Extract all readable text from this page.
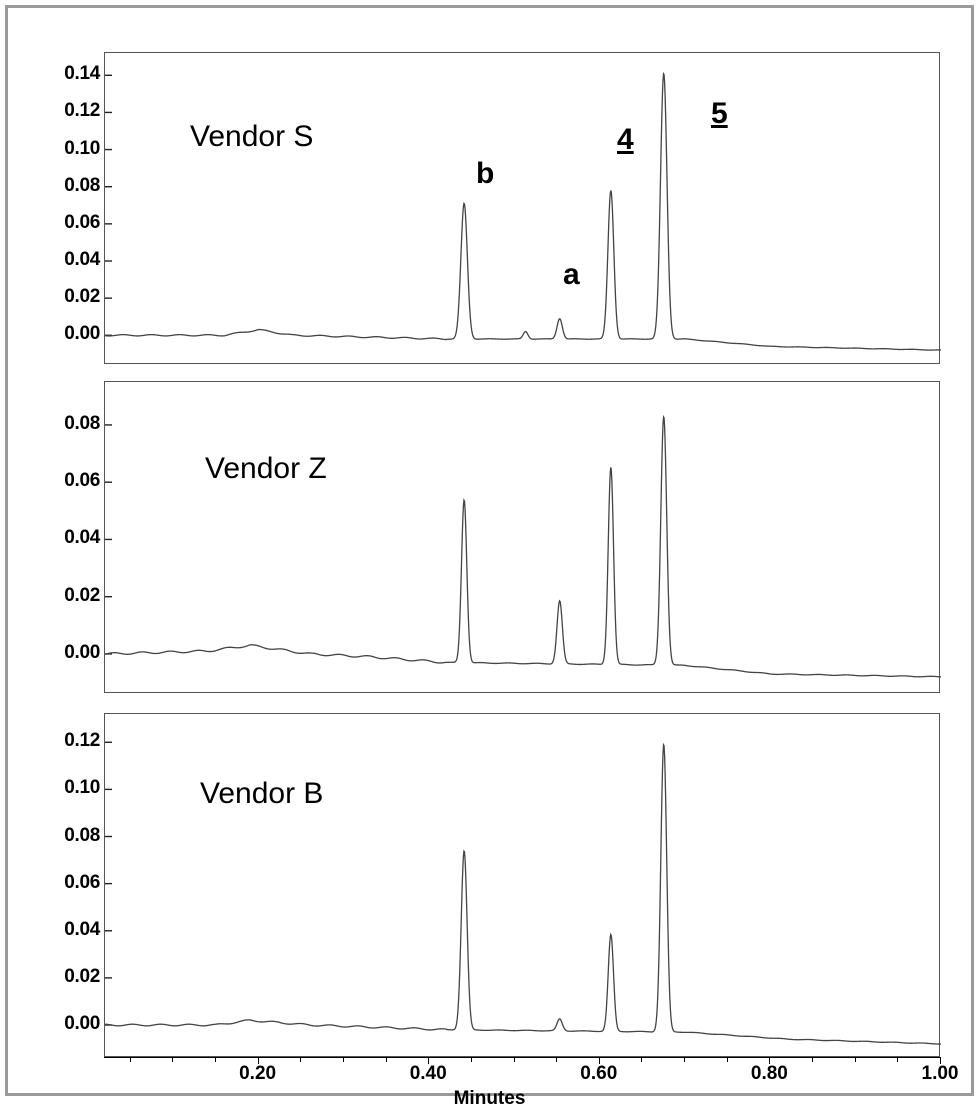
0.00
0.02
0.04
0.06
0.08
0.10
0.12
0.14
Vendor S
b
a
4
5
0.00
0.02
0.04
0.06
0.08
Vendor Z
0.00
0.02
0.04
0.06
0.08
0.10
0.12
Vendor B
0.20	0.40	0.60	0.80	1.00
Minutes
